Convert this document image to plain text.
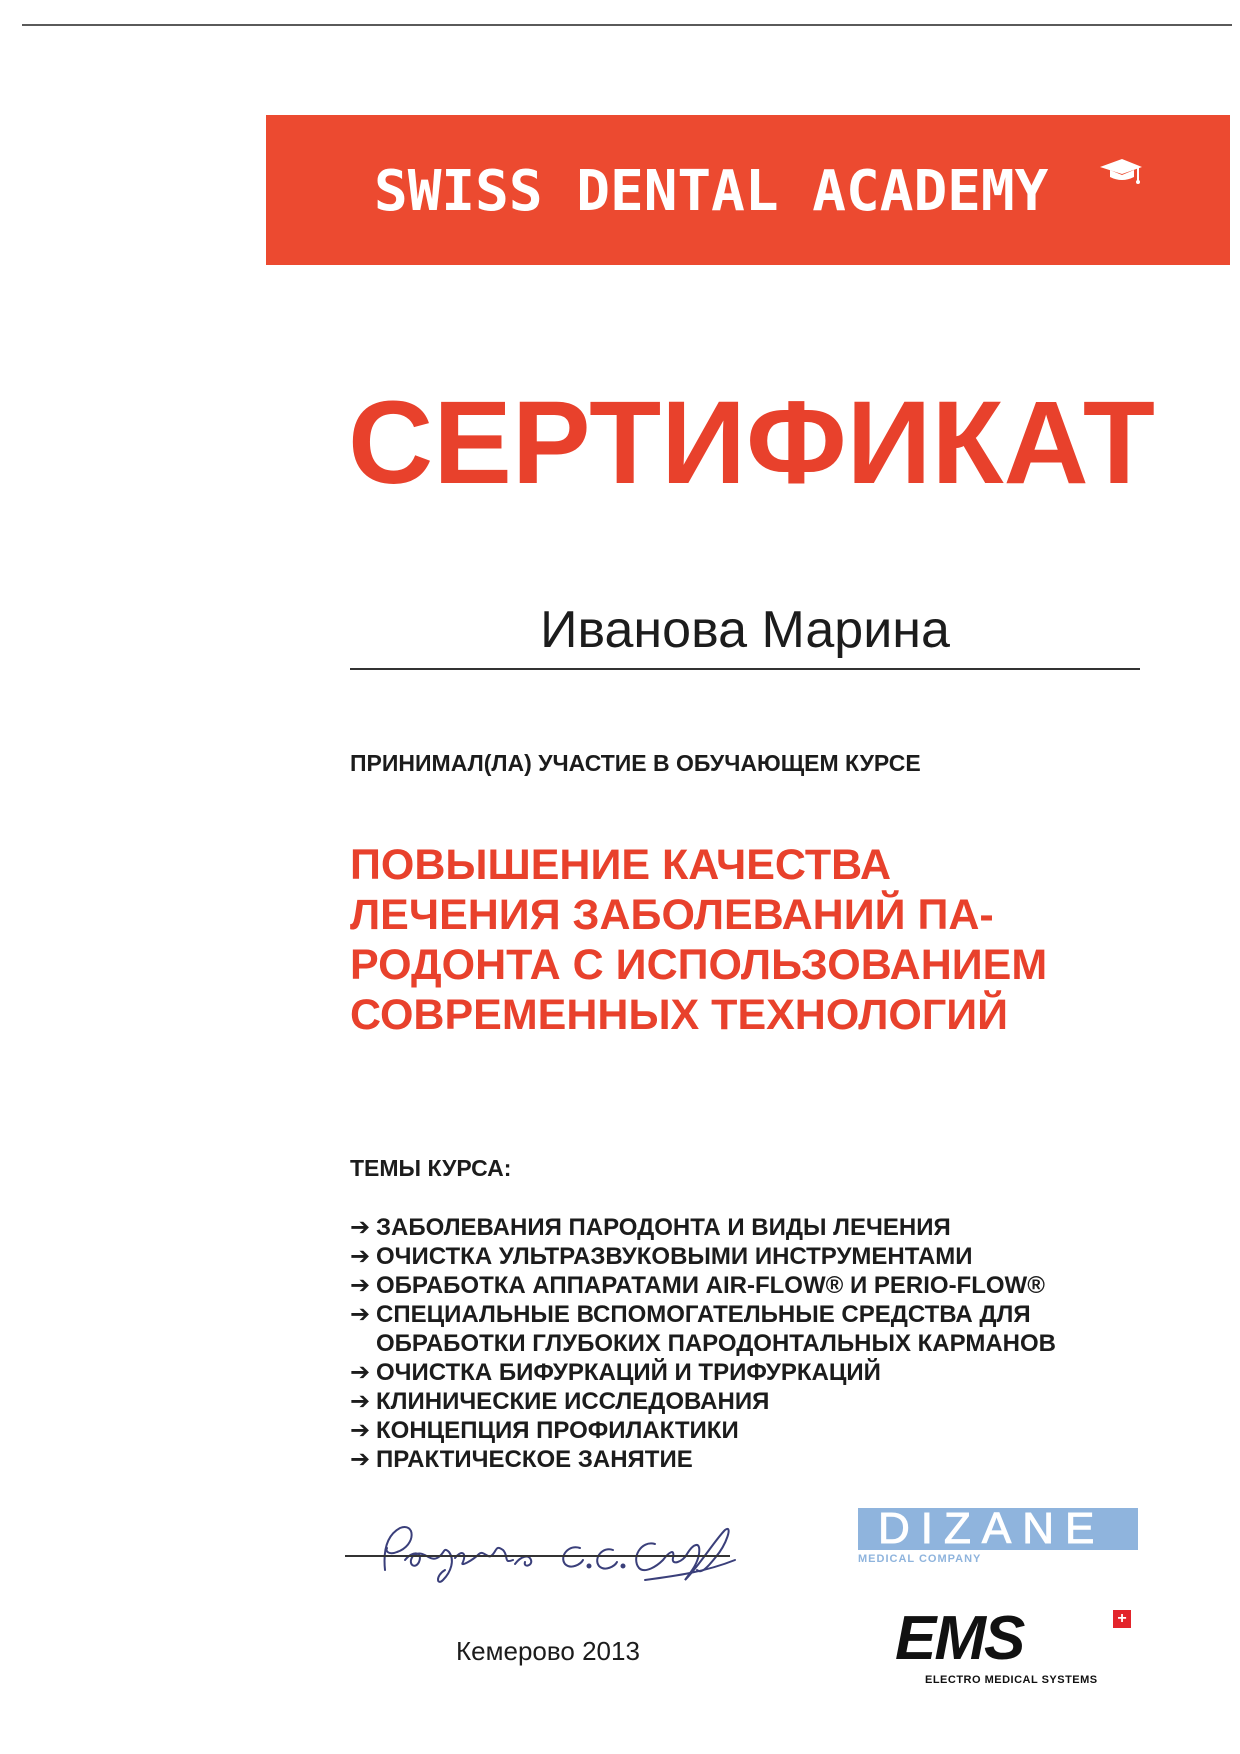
SWISS DENTAL ACADEMY
СЕРТИФИКАТ
Иванова Марина
ПРИНИМАЛ(ЛА) УЧАСТИЕ В ОБУЧАЮЩЕМ КУРСЕ
ПОВЫШЕНИЕ КАЧЕСТВА
ЛЕЧЕНИЯ ЗАБОЛЕВАНИЙ ПА-
РОДОНТА С ИСПОЛЬЗОВАНИЕМ
СОВРЕМЕННЫХ ТЕХНОЛОГИЙ
ТЕМЫ КУРСА:
➔ ЗАБОЛЕВАНИЯ ПАРОДОНТА И ВИДЫ ЛЕЧЕНИЯ
➔ ОЧИСТКА УЛЬТРАЗВУКОВЫМИ ИНСТРУМЕНТАМИ
➔ ОБРАБОТКА АППАРАТАМИ AIR-FLOW® И PERIO-FLOW®
➔ СПЕЦИАЛЬНЫЕ ВСПОМОГАТЕЛЬНЫЕ СРЕДСТВА ДЛЯ
ОБРАБОТКИ ГЛУБОКИХ ПАРОДОНТАЛЬНЫХ КАРМАНОВ
➔ ОЧИСТКА БИФУРКАЦИЙ И ТРИФУРКАЦИЙ
➔ КЛИНИЧЕСКИЕ ИССЛЕДОВАНИЯ
➔ КОНЦЕПЦИЯ ПРОФИЛАКТИКИ
➔ ПРАКТИЧЕСКОЕ ЗАНЯТИЕ
DIZANE
MEDICAL COMPANY
Кемерово 2013	EMS	+
ELECTRO MEDICAL SYSTEMS
